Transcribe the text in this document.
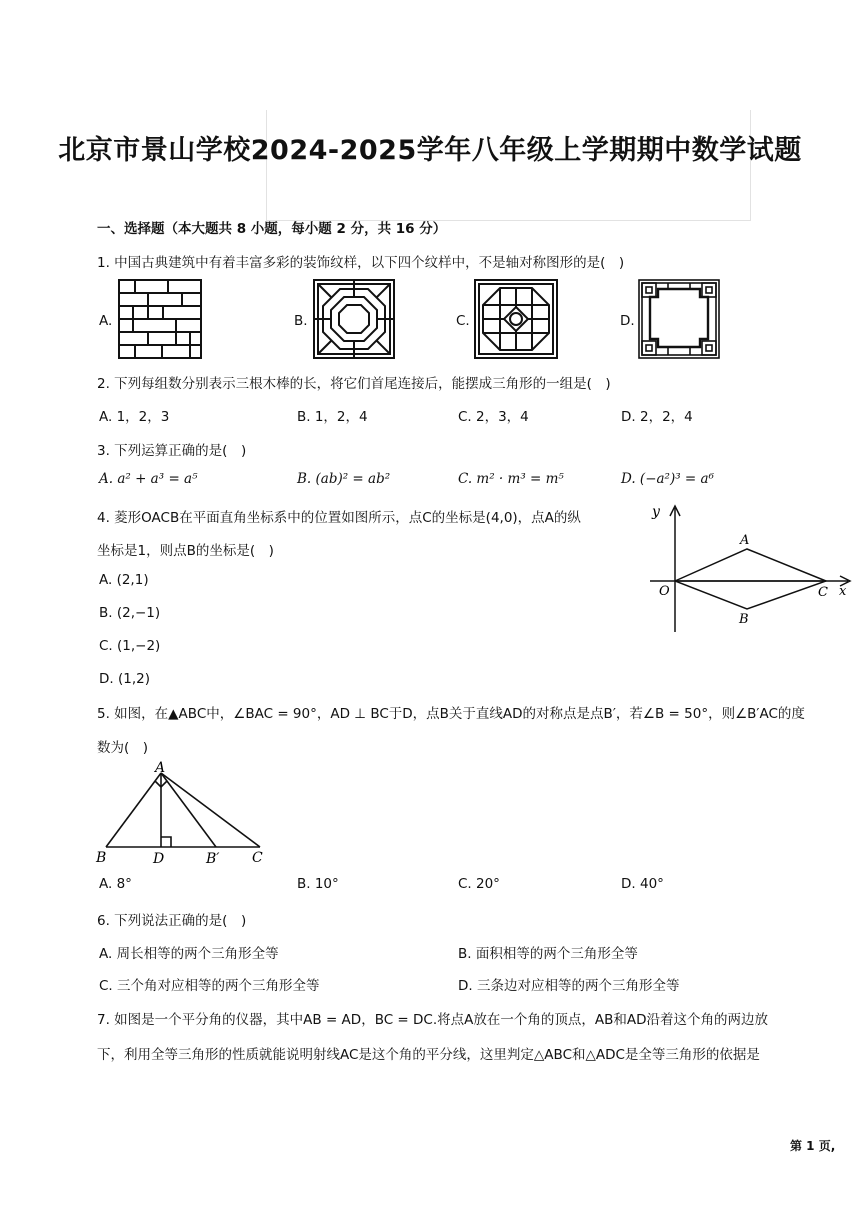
北京市景山学校2024-2025学年八年级上学期期中数学试题
一、选择题（本大题共 8 小题，每小题 2 分，共 16 分）
1. 中国古典建筑中有着丰富多彩的装饰纹样，以下四个纹样中，不是轴对称图形的是(　)
A.	B.	C.	D.
2. 下列每组数分别表示三根木棒的长，将它们首尾连接后，能摆成三角形的一组是(　)
A. 1，2，3	B. 1，2，4	C. 2，3，4	D. 2，2，4
3. 下列运算正确的是(　)
A. a² + a³ = a⁵	B. (ab)² = ab²	C. m² · m³ = m⁵	D. (−a²)³ = a⁶
4. 菱形OACB在平面直角坐标系中的位置如图所示，点C的坐标是(4,0)，点A的纵
坐标是1，则点B的坐标是(　)
A. (2,1)
B. (2,−1)
C. (1,−2)
D. (1,2)
y
x
O
A
B
C
5. 如图，在▲ABC中，∠BAC = 90°，AD ⊥ BC于D，点B关于直线AD的对称点是点B′，若∠B = 50°，则∠B′AC的度
数为(　)
A
B	D	B′ C
A. 8°	B. 10°	C. 20°	D. 40°
6. 下列说法正确的是(　)
A. 周长相等的两个三角形全等	B. 面积相等的两个三角形全等
C. 三个角对应相等的两个三角形全等	D. 三条边对应相等的两个三角形全等
7. 如图是一个平分角的仪器，其中AB = AD，BC = DC.将点A放在一个角的顶点，AB和AD沿着这个角的两边放
下，利用全等三角形的性质就能说明射线AC是这个角的平分线，这里判定△ABC和△ADC是全等三角形的依据是
第 1 页,
